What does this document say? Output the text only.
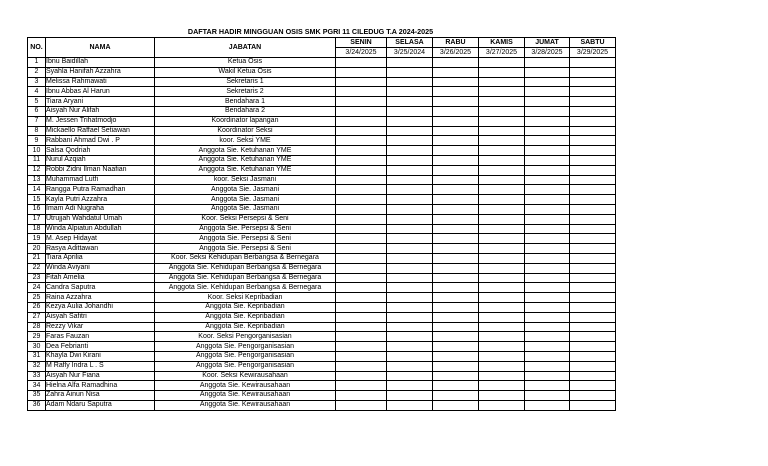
DAFTAR HADIR MINGGUAN OSIS SMK PGRI 11 CILEDUG T.A 2024-2025
NO.	NAMA	JABATAN	SENIN	SELASA	RABU	KAMIS	JUMAT	SABTU
			3/24/2025	3/25/2024	3/26/2025	3/27/2025	3/28/2025	3/29/2025
1	Ibnu Baidillah	Ketua Osis						
2	Syahla Hanifah Azzahra	Wakil Ketua Osis						
3	Melissa Rahmawati	Sekretaris 1						
4	Ibnu Abbas Al Harun	Sekretaris 2						
5	Tiara Aryani	Bendahara 1						
6	Aisyah Nur Alifah	Bendahara 2						
7	M. Jessen Trihatmodjo	Koordinator lapangan						
8	Mickaello Raffael Setiawan	Koordinator Seksi						
9	Rabbani Ahmad Dwi . P	koor. Seksi YME						
10	Salsa Qodriah	Anggota Sie. Ketuhanan YME						
11	Nurul Azqiah	Anggota Sie. Ketuhanan YME						
12	Robbi Zidni Ilman Naafian	Anggota Sie. Ketuhanan YME						
13	Muhammad Lutfi	koor. Seksi Jasmani						
14	Rangga Putra Ramadhan	Anggota Sie. Jasmani						
15	Kayla Putri Azzahra	Anggota Sie. Jasmani						
16	Imam Adi Nugraha	Anggota Sie. Jasmani						
17	Utrujjah Wahdatul Umah	Koor. Seksi Persepsi & Seni						
18	Winda Alpiatun Abdullah	Anggota Sie. Persepsi & Seni						
19	M. Asep Hidayat	Anggota Sie. Persepsi & Seni						
20	Rasya Adittawan	Anggota Sie. Persepsi & Seni						
21	Tiara Aprilia	Koor. Seksi Kehidupan Berbangsa & Bernegara						
22	Winda Aviyani	Anggota Sie. Kehidupan Berbangsa & Bernegara						
23	Fitah Amelia	Anggota Sie. Kehidupan Berbangsa & Bernegara						
24	Candra Saputra	Anggota Sie. Kehidupan Berbangsa & Bernegara						
25	Raina Azzahra	Koor. Seksi Kepribadian						
26	Kezya Aulia Johandhi	Anggota Sie. Kepribadian						
27	Aisyah Safitri	Anggota Sie. Kepribadian						
28	Rezzy Vikar	Anggota Sie. Kepribadian						
29	Faras Fauzan	Koor. Seksi Pengorganisasian						
30	Dea Febrianti	Anggota Sie. Pengorganisasian						
31	Khayla Dwi Kirani	Anggota Sie. Pengorganisasian						
32	M Rafly Indra L . S	Anggota Sie. Pengorganisasian						
33	Aisyah Nur Fiana	Koor. Seksi Kewirausahaan						
34	Hielna Alfa Ramadhina	Anggota Sie. Kewirausahaan						
35	Zahra Ainun Nisa	Anggota Sie. Kewirausahaan						
36	Adam Ndaru Saputra	Anggota Sie. Kewirausahaan						
